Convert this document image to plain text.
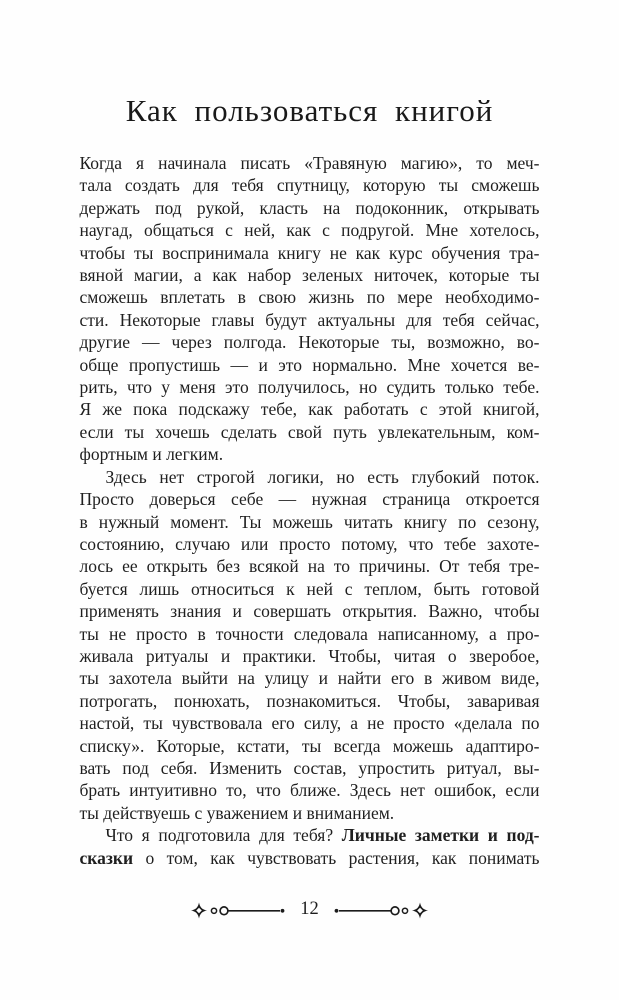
Как пользоваться книгой
Когда я начинала писать «Травяную магию», то меч-
тала создать для тебя спутницу, которую ты сможешь
держать под рукой, класть на подоконник, открывать
наугад, общаться с ней, как с подругой. Мне хотелось,
чтобы ты воспринимала книгу не как курс обучения тра-
вяной магии, а как набор зеленых ниточек, которые ты
сможешь вплетать в свою жизнь по мере необходимо-
сти. Некоторые главы будут актуальны для тебя сейчас,
другие — через полгода. Некоторые ты, возможно, во-
обще пропустишь — и это нормально. Мне хочется ве-
рить, что у меня это получилось, но судить только тебе.
Я же пока подскажу тебе, как работать с этой книгой,
если ты хочешь сделать свой путь увлекательным, ком-
фортным и легким.
Здесь нет строгой логики, но есть глубокий поток.
Просто доверься себе — нужная страница откроется
в нужный момент. Ты можешь читать книгу по сезону,
состоянию, случаю или просто потому, что тебе захоте-
лось ее открыть без всякой на то причины. От тебя тре-
буется лишь относиться к ней с теплом, быть готовой
применять знания и совершать открытия. Важно, чтобы
ты не просто в точности следовала написанному, а про-
живала ритуалы и практики. Чтобы, читая о зверобое,
ты захотела выйти на улицу и найти его в живом виде,
потрогать, понюхать, познакомиться. Чтобы, заваривая
настой, ты чувствовала его силу, а не просто «делала по
списку». Которые, кстати, ты всегда можешь адаптиро-
вать под себя. Изменить состав, упростить ритуал, вы-
брать интуитивно то, что ближе. Здесь нет ошибок, если
ты действуешь с уважением и вниманием.
Что я подготовила для тебя? Личные заметки и под-
сказки о том, как чувствовать растения, как понимать
12
